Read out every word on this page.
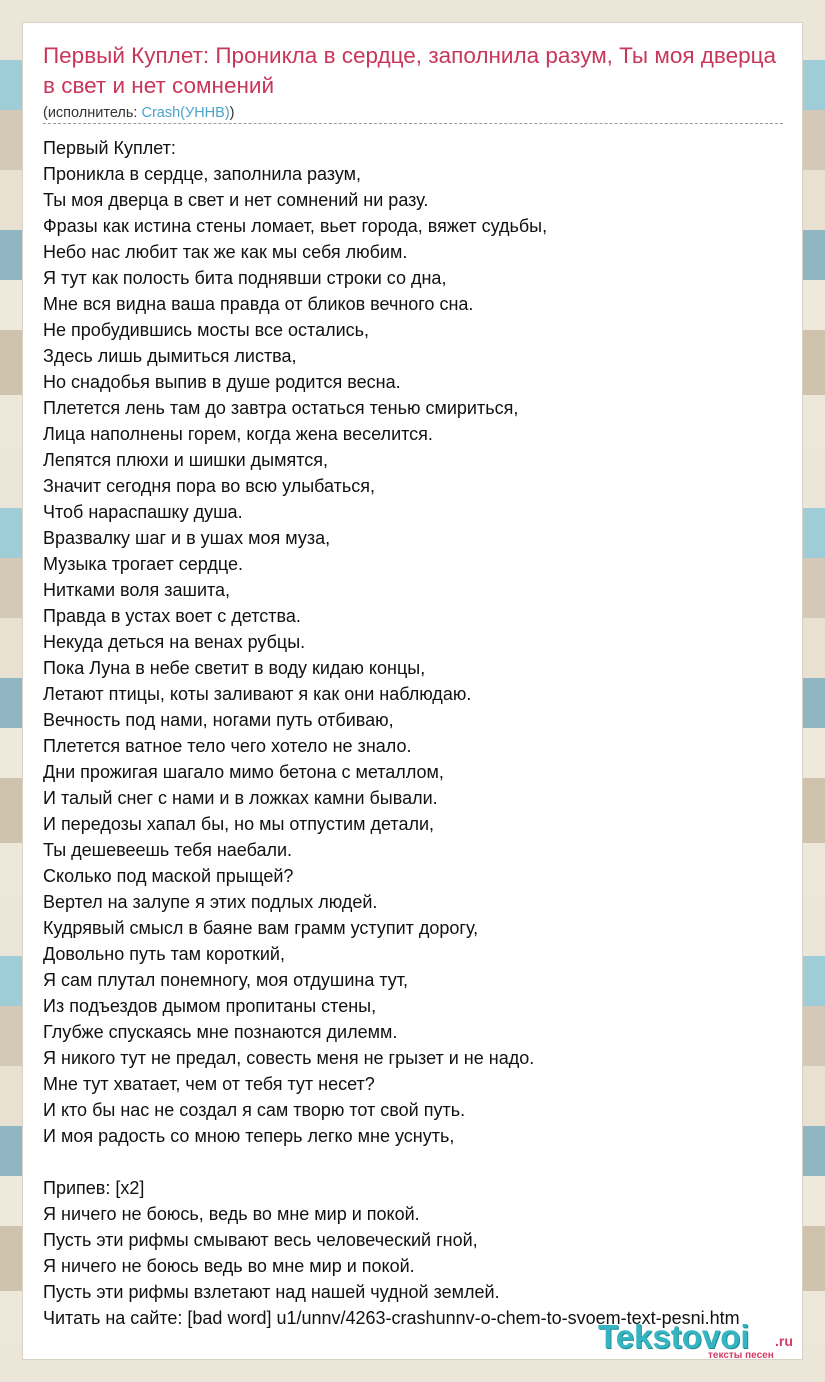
Первый Куплет: Проникла в сердце, заполнила разум, Ты моя дверца в свет и нет сомнений
(исполнитель: Crash(УННВ))
Первый Куплет:
Проникла в сердце, заполнила разум,
Ты моя дверца в свет и нет сомнений ни разу.
Фразы как истина стены ломает, вьет города, вяжет судьбы,
Небо нас любит так же как мы себя любим.
Я тут как полость бита поднявши строки со дна,
Мне вся видна ваша правда от бликов вечного сна.
Не пробудившись мосты все остались,
Здесь лишь дымиться листва,
Но снадобья выпив в душе родится весна.
Плетется лень там до завтра остаться тенью смириться,
Лица наполнены горем, когда жена веселится.
Лепятся плюхи и шишки дымятся,
Значит сегодня пора во всю улыбаться,
Чтоб нараспашку душа.
Вразвалку шаг и в ушах моя муза,
Музыка трогает сердце.
Нитками воля зашита,
Правда в устах воет с детства.
Некуда деться на венах рубцы.
Пока Луна в небе светит в воду кидаю концы,
Летают птицы, коты заливают я как они наблюдаю.
Вечность под нами, ногами путь отбиваю,
Плетется ватное тело чего хотело не знало.
Дни прожигая шагало мимо бетона с металлом,
И талый снег с нами и в ложках камни бывали.
И передозы хапал бы, но мы отпустим детали,
Ты дешевеешь тебя наебали.
Сколько под маской прыщей?
Вертел на залупе я этих подлых людей.
Кудрявый смысл в баяне вам грамм уступит дорогу,
Довольно путь там короткий,
Я сам плутал понемногу, моя отдушина тут,
Из подъездов дымом пропитаны стены,
Глубже спускаясь мне познаются дилемм.
Я никого тут не предал, совесть меня не грызет и не надо.
Мне тут хватает, чем от тебя тут несет?
И кто бы нас не создал я сам творю тот свой путь.
И моя радость со мною теперь легко мне уснуть,
Припев: [x2]
Я ничего не боюсь, ведь во мне мир и покой.
Пусть эти рифмы смывают весь человеческий гной,
Я ничего не боюсь ведь во мне мир и покой.
Пусть эти рифмы взлетают над нашей чудной землей.
Читать на сайте: [bad word] u1/unnv/4263-crashunnv-o-chem-to-svoem-text-pesni.htm
Tekstovoi .ru
тексты песен
